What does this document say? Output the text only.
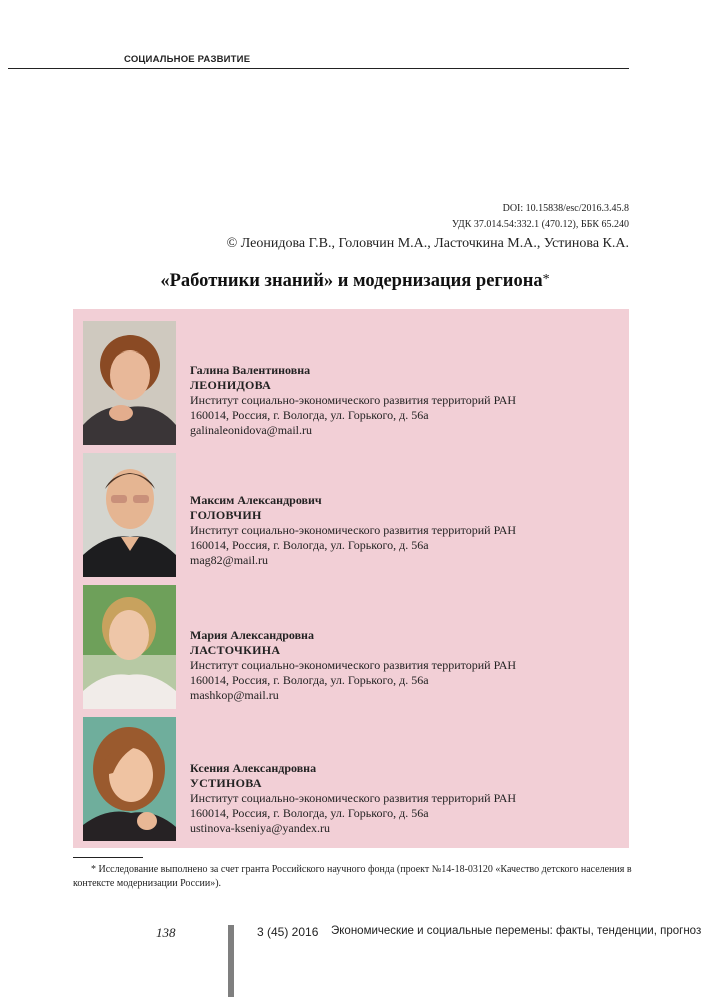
СОЦИАЛЬНОЕ РАЗВИТИЕ
DOI: 10.15838/esc/2016.3.45.8
УДК 37.014.54:332.1 (470.12), ББК 65.240
© Леонидова Г.В., Головчин М.А., Ласточкина М.А., Устинова К.А.
«Работники знаний» и модернизация региона*
Галина Валентиновна
ЛЕОНИДОВА
Институт социально-экономического развития территорий РАН
160014, Россия, г. Вологда, ул. Горького, д. 56а
galinaleonidova@mail.ru
Максим Александрович
ГОЛОВЧИН
Институт социально-экономического развития территорий РАН
160014, Россия, г. Вологда, ул. Горького, д. 56а
mag82@mail.ru
Мария Александровна
ЛАСТОЧКИНА
Институт социально-экономического развития территорий РАН
160014, Россия, г. Вологда, ул. Горького, д. 56а
mashkop@mail.ru
Ксения Александровна
УСТИНОВА
Институт социально-экономического развития территорий РАН
160014, Россия, г. Вологда, ул. Горького, д. 56а
ustinova-kseniya@yandex.ru
* Исследование выполнено за счет гранта Российского научного фонда (проект №14-18-03120 «Качество детского населения в контексте модернизации России»).
138	3 (45) 2016 Экономические и социальные перемены: факты, тенденции, прогноз
